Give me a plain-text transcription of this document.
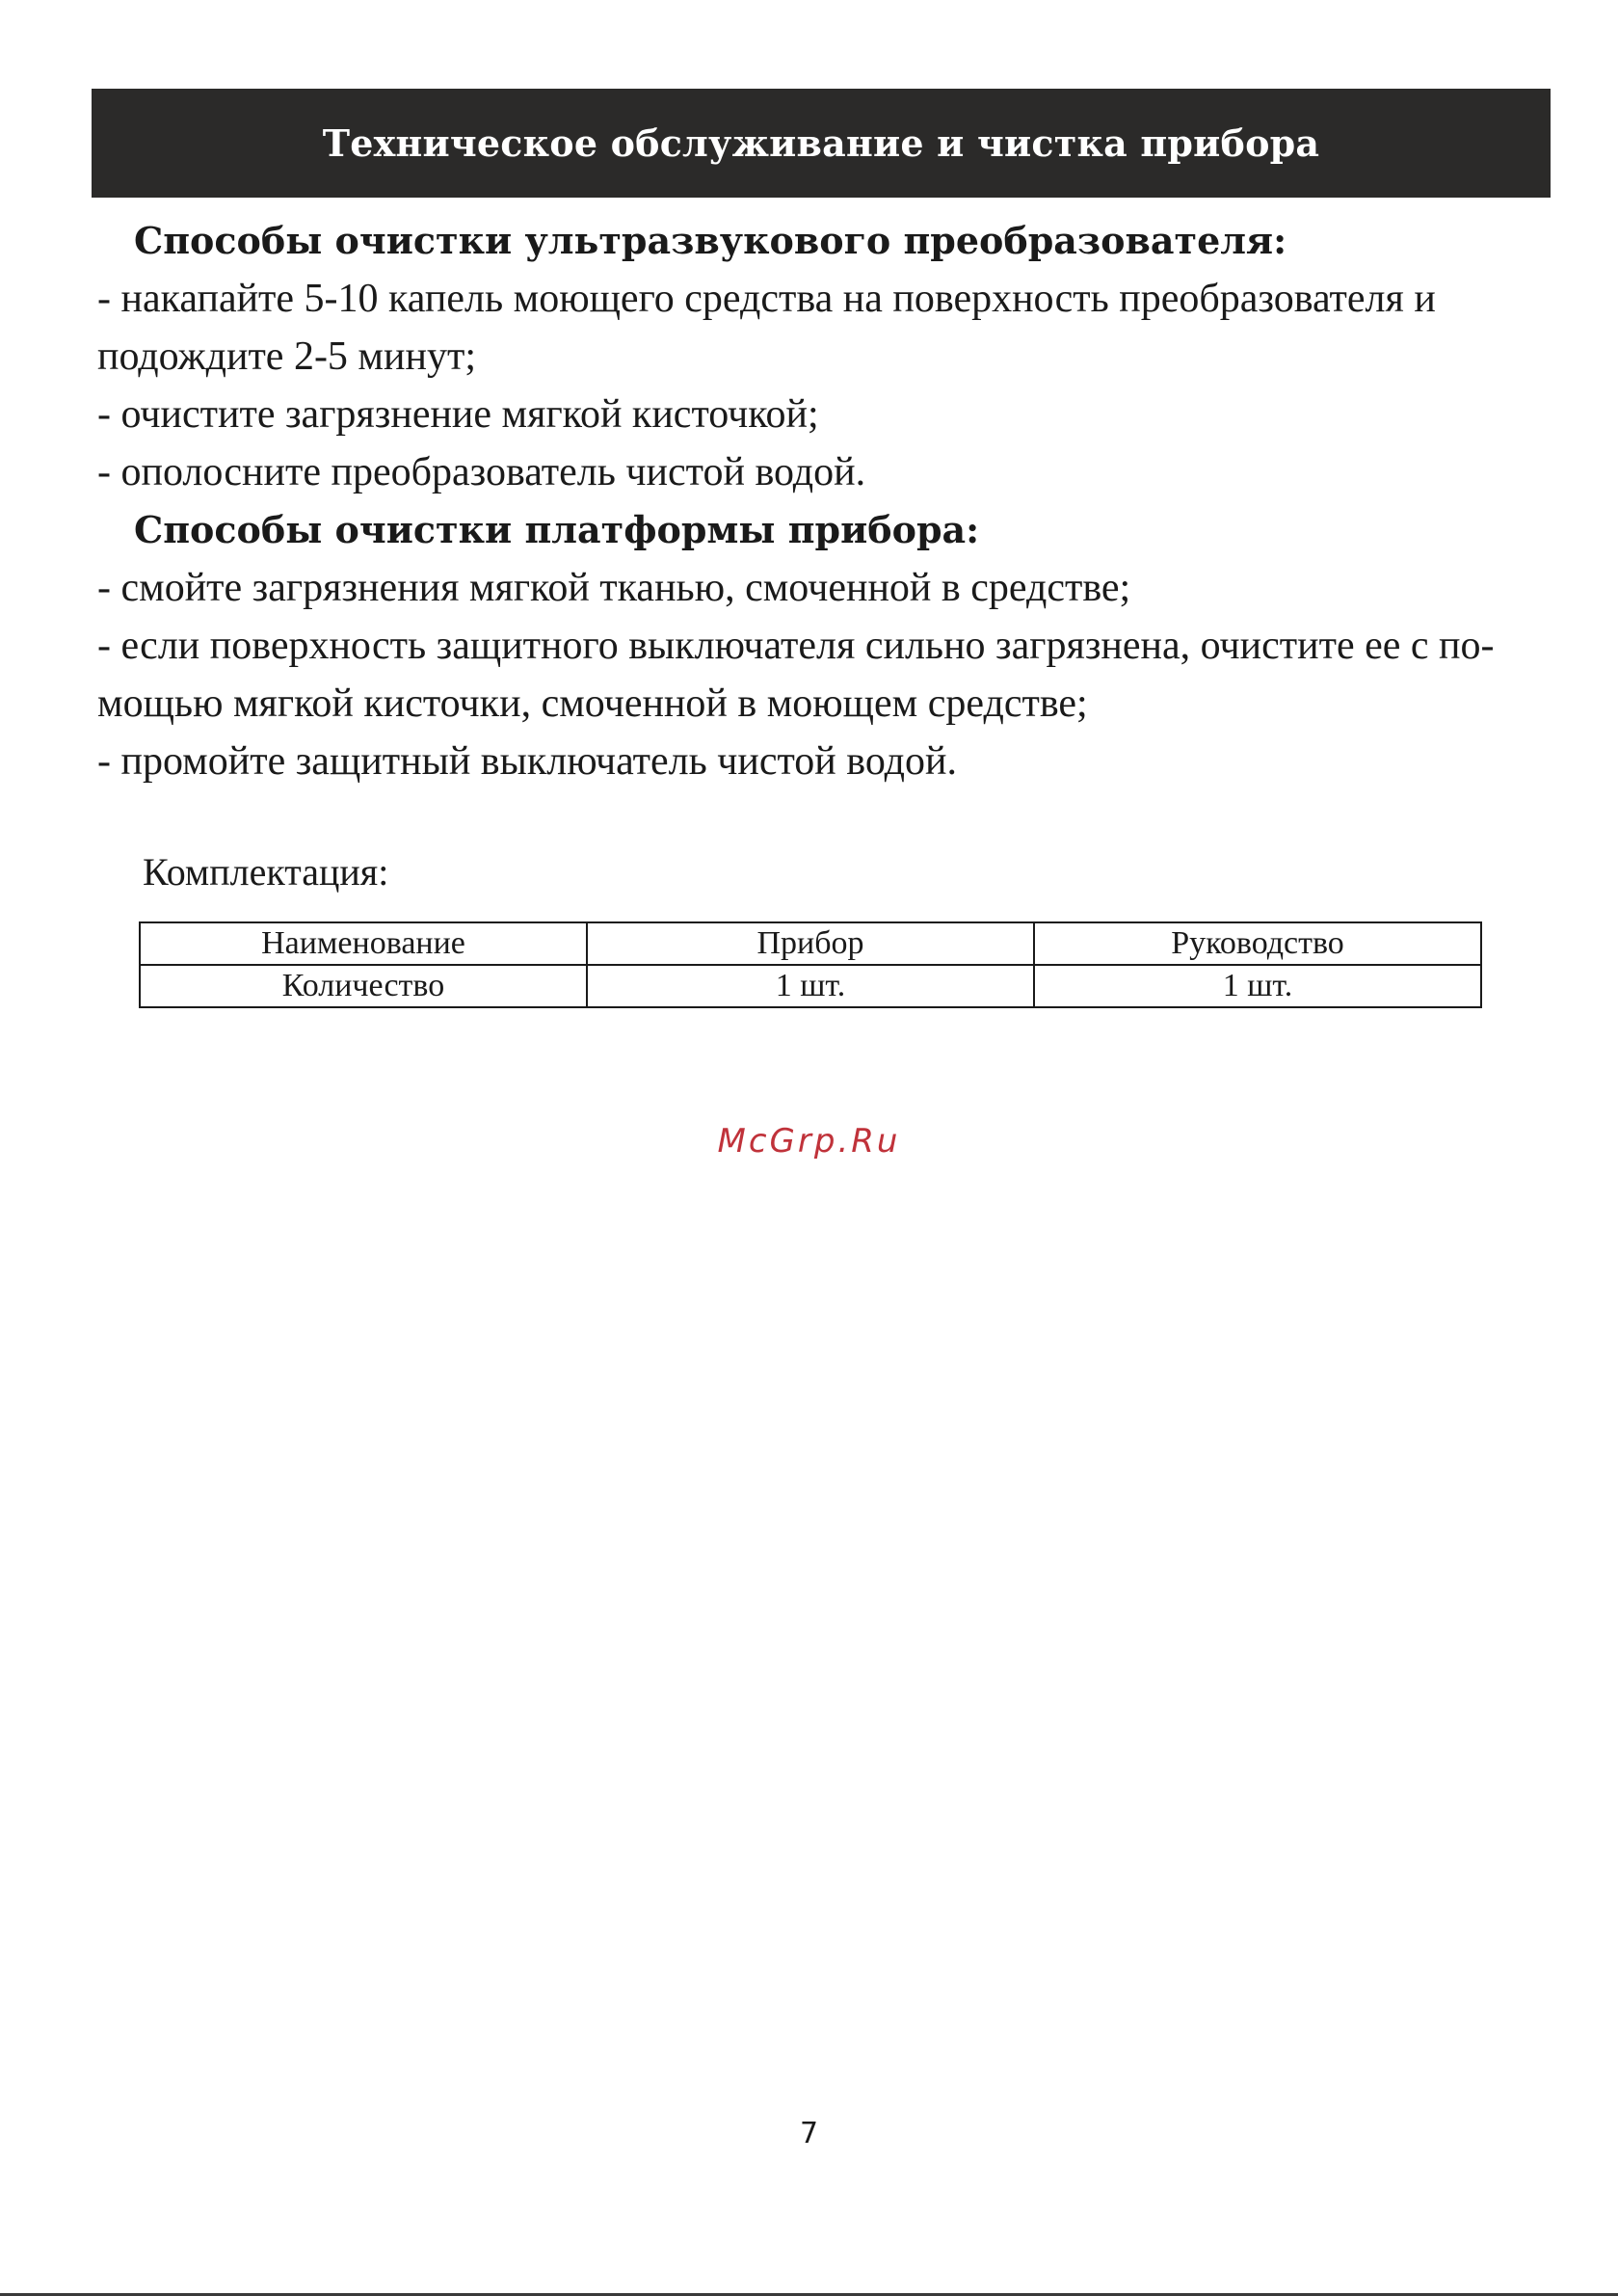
Техническое обслуживание и чистка прибора

Способы очистки ультразвукового преобразователя:

- накапайте 5-10 капель моющего средства на поверхность преобразователя и

подождите 2-5 минут;

- очистите загрязнение мягкой кисточкой;

- ополосните преобразователь чистой водой.

Способы очистки платформы прибора:

- смойте загрязнения мягкой тканью, смоченной в средстве;

- если поверхность защитного выключателя сильно загрязнена, очистите ее с по-

мощью мягкой кисточки, смоченной в моющем средстве;

- промойте защитный выключатель чистой водой.

Комплектация:
Наименование	Прибор	Руководство
Количество	1 шт.	1 шт.
McGrp.Ru
7
